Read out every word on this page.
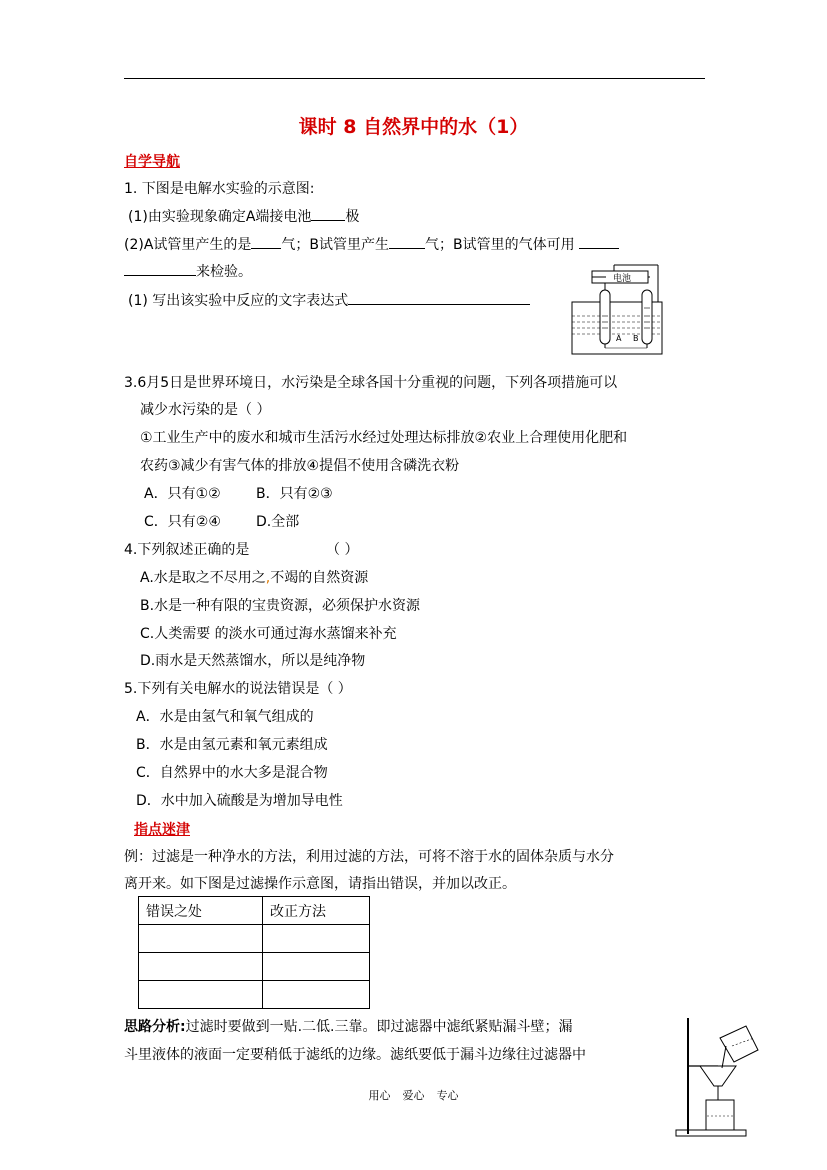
课时 8 自然界中的水（1）
自学导航
1. 下图是电解水实验的示意图:
(1)由实验现象确定A端接电池 极
(2)A试管里产生的是 气；B试管里产生	气；B试管里的气体可用
来检验。
(1) 写出该实验中反应的文字表达式
电池
A B
3.6月5日是世界环境日，水污染是全球各国十分重视的问题，下列各项措施可以
减少水污染的是（ ）
①工业生产中的废水和城市生活污水经过处理达标排放②农业上合理使用化肥和
农药③减少有害气体的排放④提倡不使用含磷洗衣粉
A．只有①②	B．只有②③
C．只有②④	D.全部
4.下列叙述正确的是	（ ）
A.水是取之不尽用之,不竭的自然资源
B.水是一种有限的宝贵资源，必须保护水资源
C.人类需要 的淡水可通过海水蒸馏来补充
D.雨水是天然蒸馏水，所以是纯净物
5.下列有关电解水的说法错误是（ ）
A．水是由氢气和氧气组成的
B．水是由氢元素和氧元素组成
C．自然界中的水大多是混合物
D．水中加入硫酸是为增加导电性
指点迷津
例：过滤是一种净水的方法，利用过滤的方法，可将不溶于水的固体杂质与水分
离开来。如下图是过滤操作示意图，请指出错误，并加以改正。
错误之处	改正方法

思路分析:过滤时要做到一贴.二低.三靠。即过滤器中滤纸紧贴漏斗壁；漏
斗里液体的液面一定要稍低于滤纸的边缘。滤纸要低于漏斗边缘往过滤器中
用心 爱心 专心
